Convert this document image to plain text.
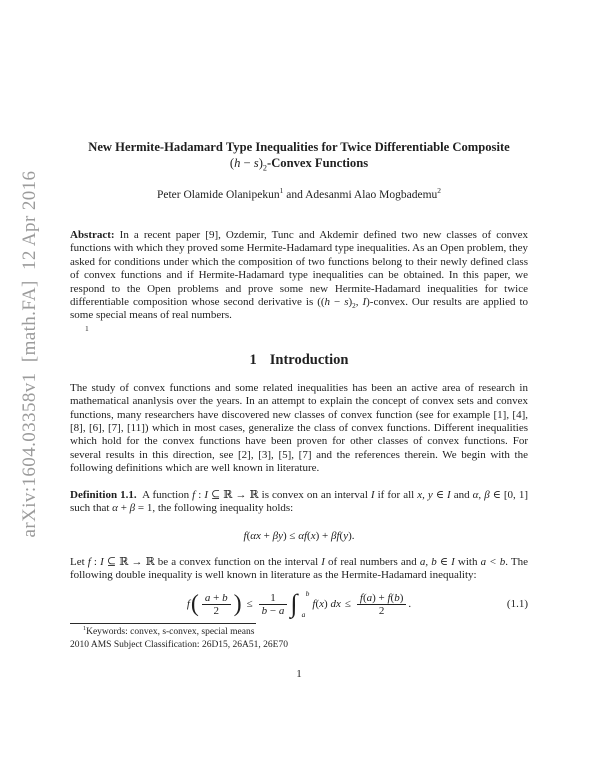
arXiv:1604.03358v1  [math.FA]  12 Apr 2016
New Hermite-Hadamard Type Inequalities for Twice Differentiable Composite
$(h - s)_2$-Convex Functions
Peter Olamide Olanipekun$^1$ and Adesanmi Alao Mogbademu$^2$

Abstract: In a recent paper [9], Ozdemir, Tunc and Akdemir defined two new classes of convex functions with which they proved some Hermite-Hadamard type inequalities. As an Open problem, they asked for conditions under which the composition of two functions belong to their newly defined class of convex functions and if Hermite-Hadamard type inequalities can be obtained. In this paper, we respond to the Open problems and prove some new Hermite-Hadamard inequalities for twice differentiable composition whose second derivative is ($(h - s)_2$, I)-convex. Our results are applied to some special means of real numbers.

1
1 Introduction

The study of convex functions and some related inequalities has been an active area of research in mathematical ananlysis over the years. In an attempt to explain the concept of convex sets and convex functions, many researchers have discovered new classes of convex function (see for example [1], [4], [8], [6], [7], [11]) which in most cases, generalize the class of convex functions. Different inequalities which hold for the convex functions have been proven for other classes of convex functions. For several results in this direction, see [2], [3], [5], [7] and the references therein. We begin with the following definitions which are well known in literature.

Definition 1.1. A function f : I ⊆ ℝ → ℝ is convex on an interval I if for all x, y ∈ I and α, β ∈ [0, 1] such that α + β = 1, the following inequality holds:

f(αx + βy) ≤ αf(x) + βf(y).

Let f : I ⊆ ℝ → ℝ be a convex function on the interval I of real numbers and a, b ∈ I with a < b. The following double inequality is well known in literature as the Hermite-Hadamard inequality:

f ( $\frac{a + b}{2}$ ) ≤ $\frac{1}{b - a}$ ∫ b
a
f(x) dx ≤ $\frac{f(a) + f(b)}{2}$ .	(1.1)
$^1$Keywords: convex, s-convex, special means
2010 AMS Subject Classification: 26D15, 26A51, 26E70
1
